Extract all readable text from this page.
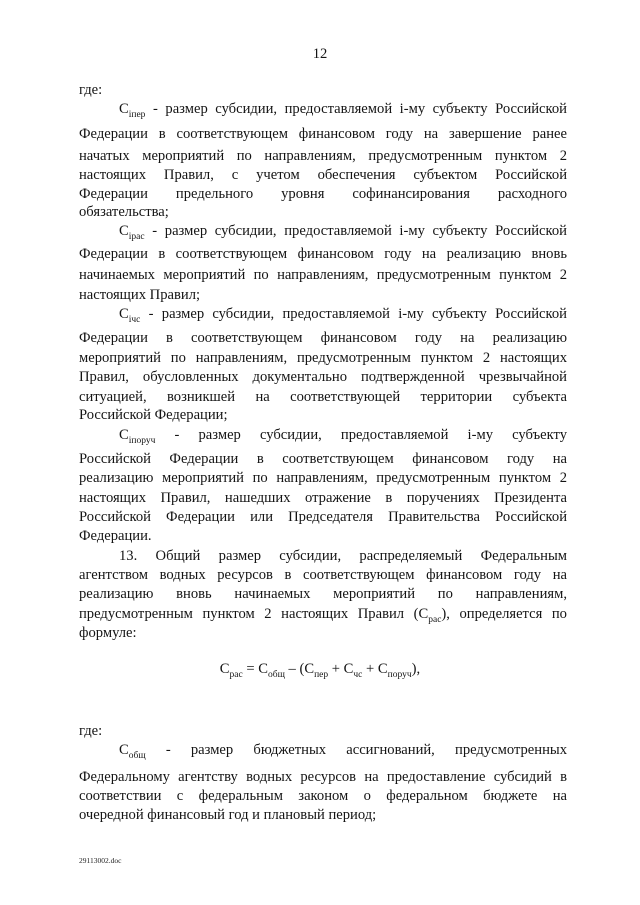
12
где:
$C_{iпер}$ - размер субсидии, предоставляемой i-му субъекту Российской
Федерации в соответствующем финансовом году на завершение ранее
начатых мероприятий по направлениям, предусмотренным пунктом 2
настоящих Правил, с учетом обеспечения субъектом Российской
Федерации предельного уровня софинансирования расходного
обязательства;
$C_{iрас}$ - размер субсидии, предоставляемой i-му субъекту Российской
Федерации в соответствующем финансовом году на реализацию вновь
начинаемых мероприятий по направлениям, предусмотренным пунктом 2
настоящих Правил;
$C_{iчс}$ - размер субсидии, предоставляемой i-му субъекту Российской
Федерации в соответствующем финансовом году на реализацию
мероприятий по направлениям, предусмотренным пунктом 2 настоящих
Правил, обусловленных документально подтвержденной чрезвычайной
ситуацией, возникшей на соответствующей территории субъекта
Российской Федерации;
$C_{iпоруч}$ - размер субсидии, предоставляемой i-му субъекту
Российской Федерации в соответствующем финансовом году на
реализацию мероприятий по направлениям, предусмотренным пунктом 2
настоящих Правил, нашедших отражение в поручениях Президента
Российской Федерации или Председателя Правительства Российской
Федерации.
13. Общий размер субсидии, распределяемый Федеральным
агентством водных ресурсов в соответствующем финансовом году на
реализацию вновь начинаемых мероприятий по направлениям,
предусмотренным пунктом 2 настоящих Правил $(C_{рас})$, определяется по
формуле:
где:
$C_{общ}$ - размер бюджетных ассигнований, предусмотренных
Федеральному агентству водных ресурсов на предоставление субсидий в
соответствии с федеральным законом о федеральном бюджете на
очередной финансовый год и плановый период;
$C_{рас} = C_{общ} - (C_{пер} + C_{чс} + C_{поруч})$,
29113002.doc
